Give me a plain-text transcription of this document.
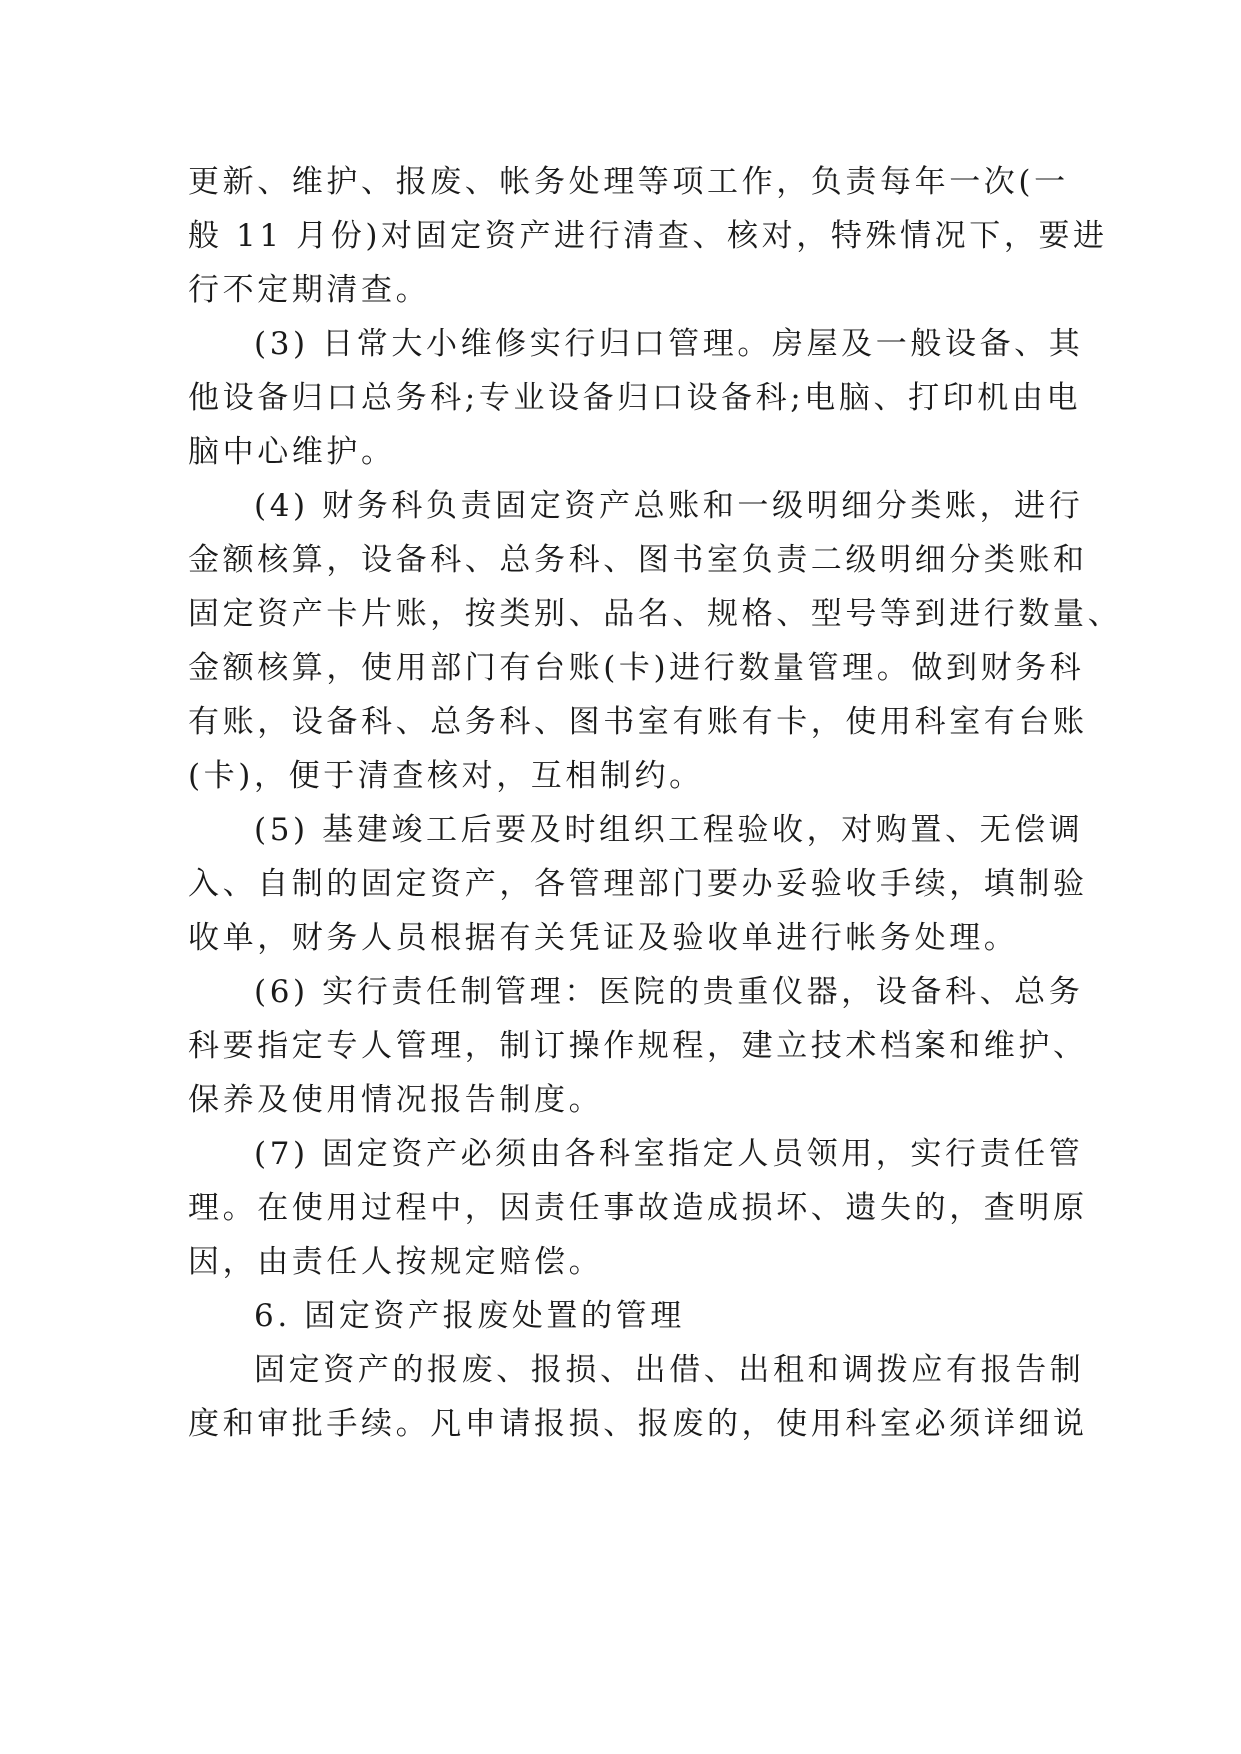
更新、维护、报废、帐务处理等项工作，负责每年一次(一
般 11 月份)对固定资产进行清查、核对，特殊情况下，要进
行不定期清查。
(3) 日常大小维修实行归口管理。房屋及一般设备、其
他设备归口总务科;专业设备归口设备科;电脑、打印机由电
脑中心维护。
(4) 财务科负责固定资产总账和一级明细分类账，进行
金额核算，设备科、总务科、图书室负责二级明细分类账和
固定资产卡片账，按类别、品名、规格、型号等到进行数量、
金额核算，使用部门有台账(卡)进行数量管理。做到财务科
有账，设备科、总务科、图书室有账有卡，使用科室有台账
(卡)，便于清查核对，互相制约。
(5) 基建竣工后要及时组织工程验收，对购置、无偿调
入、自制的固定资产，各管理部门要办妥验收手续，填制验
收单，财务人员根据有关凭证及验收单进行帐务处理。
(6) 实行责任制管理：医院的贵重仪器，设备科、总务
科要指定专人管理，制订操作规程，建立技术档案和维护、
保养及使用情况报告制度。
(7) 固定资产必须由各科室指定人员领用，实行责任管
理。在使用过程中，因责任事故造成损坏、遗失的，查明原
因，由责任人按规定赔偿。
6. 固定资产报废处置的管理
固定资产的报废、报损、出借、出租和调拨应有报告制
度和审批手续。凡申请报损、报废的，使用科室必须详细说
